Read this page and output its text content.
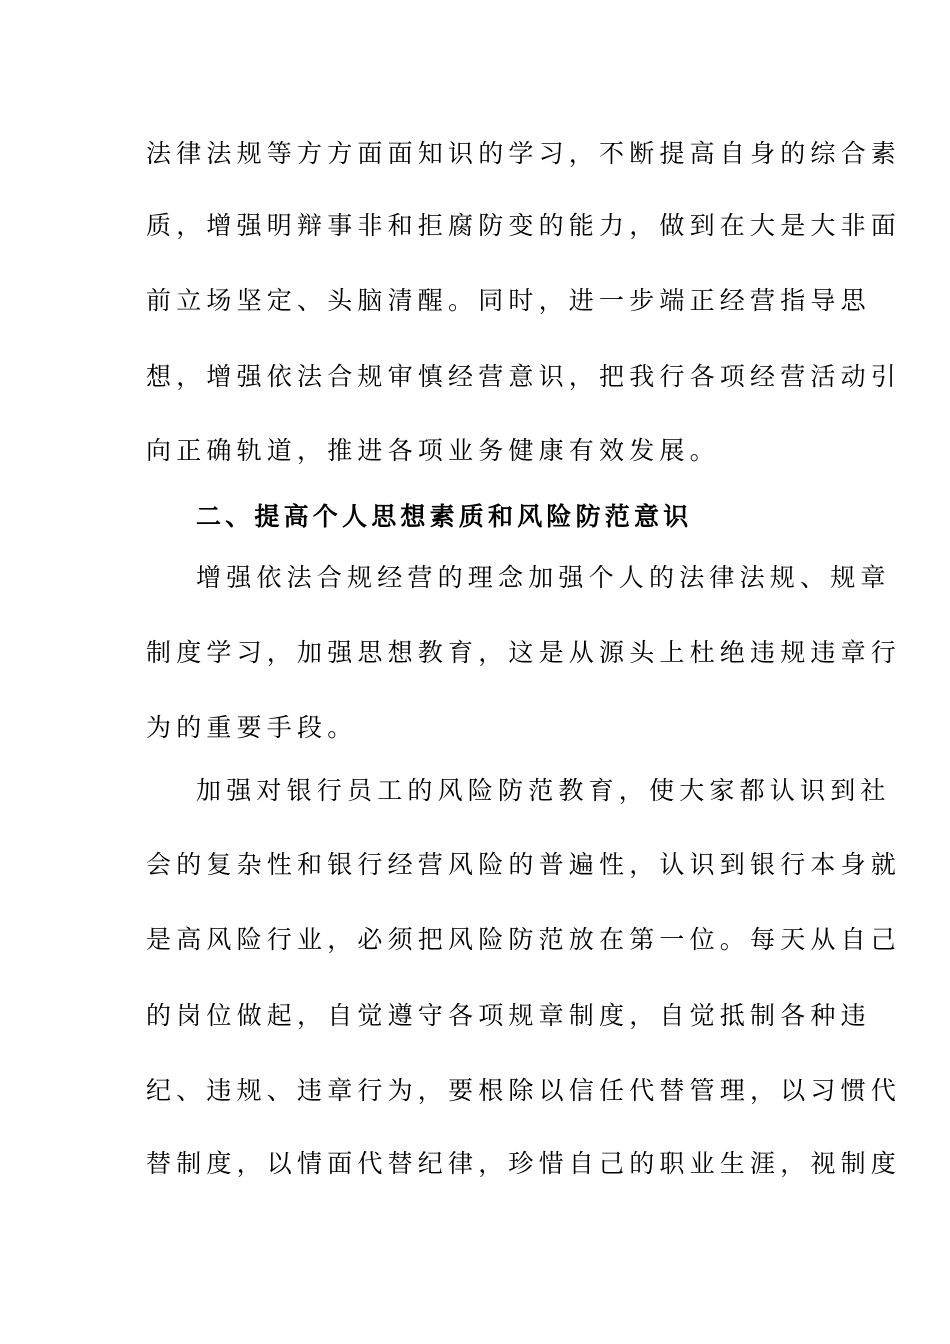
法律法规等方方面面知识的学习，不断提高自身的综合素
质，增强明辩事非和拒腐防变的能力，做到在大是大非面
前立场坚定、头脑清醒。同时，进一步端正经营指导思
想，增强依法合规审慎经营意识，把我行各项经营活动引
向正确轨道，推进各项业务健康有效发展。
二、提高个人思想素质和风险防范意识
增强依法合规经营的理念加强个人的法律法规、规章
制度学习，加强思想教育，这是从源头上杜绝违规违章行
为的重要手段。
加强对银行员工的风险防范教育，使大家都认识到社
会的复杂性和银行经营风险的普遍性，认识到银行本身就
是高风险行业，必须把风险防范放在第一位。每天从自己
的岗位做起，自觉遵守各项规章制度，自觉抵制各种违
纪、违规、违章行为，要根除以信任代替管理，以习惯代
替制度，以情面代替纪律，珍惜自己的职业生涯，视制度
